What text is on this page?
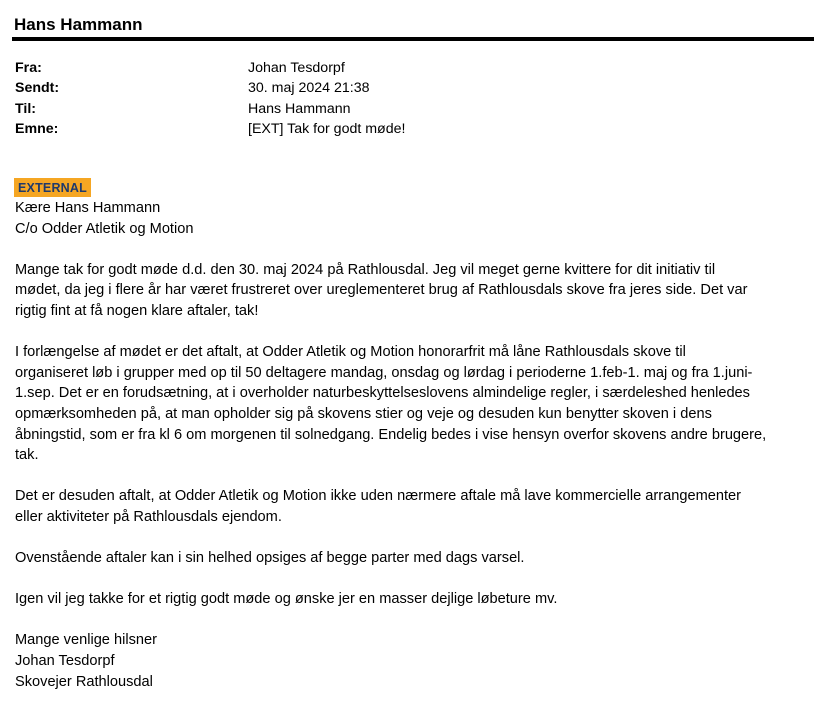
Hans Hammann
Fra:	Johan Tesdorpf
Sendt:	30. maj 2024 21:38
Til:	Hans Hammann
Emne:	[EXT] Tak for godt møde!
EXTERNAL
Kære Hans Hammann
C/o Odder Atletik og Motion
Mange tak for godt møde d.d. den 30. maj 2024 på Rathlousdal. Jeg vil meget gerne kvittere for dit initiativ til
mødet, da jeg i flere år har været frustreret over ureglementeret brug af Rathlousdals skove fra jeres side. Det var
rigtig fint at få nogen klare aftaler, tak!
I forlængelse af mødet er det aftalt, at Odder Atletik og Motion honorarfrit må låne Rathlousdals skove til
organiseret løb i grupper med op til 50 deltagere mandag, onsdag og lørdag i perioderne 1.feb-1. maj og fra 1.juni-
1.sep. Det er en forudsætning, at i overholder naturbeskyttelseslovens almindelige regler, i særdeleshed henledes
opmærksomheden på, at man opholder sig på skovens stier og veje og desuden kun benytter skoven i dens
åbningstid, som er fra kl 6 om morgenen til solnedgang. Endelig bedes i vise hensyn overfor skovens andre brugere,
tak.
Det er desuden aftalt, at Odder Atletik og Motion ikke uden nærmere aftale må lave kommercielle arrangementer
eller aktiviteter på Rathlousdals ejendom.
Ovenstående aftaler kan i sin helhed opsiges af begge parter med dags varsel.
Igen vil jeg takke for et rigtig godt møde og ønske jer en masser dejlige løbeture mv.
Mange venlige hilsner
Johan Tesdorpf
Skovejer Rathlousdal
